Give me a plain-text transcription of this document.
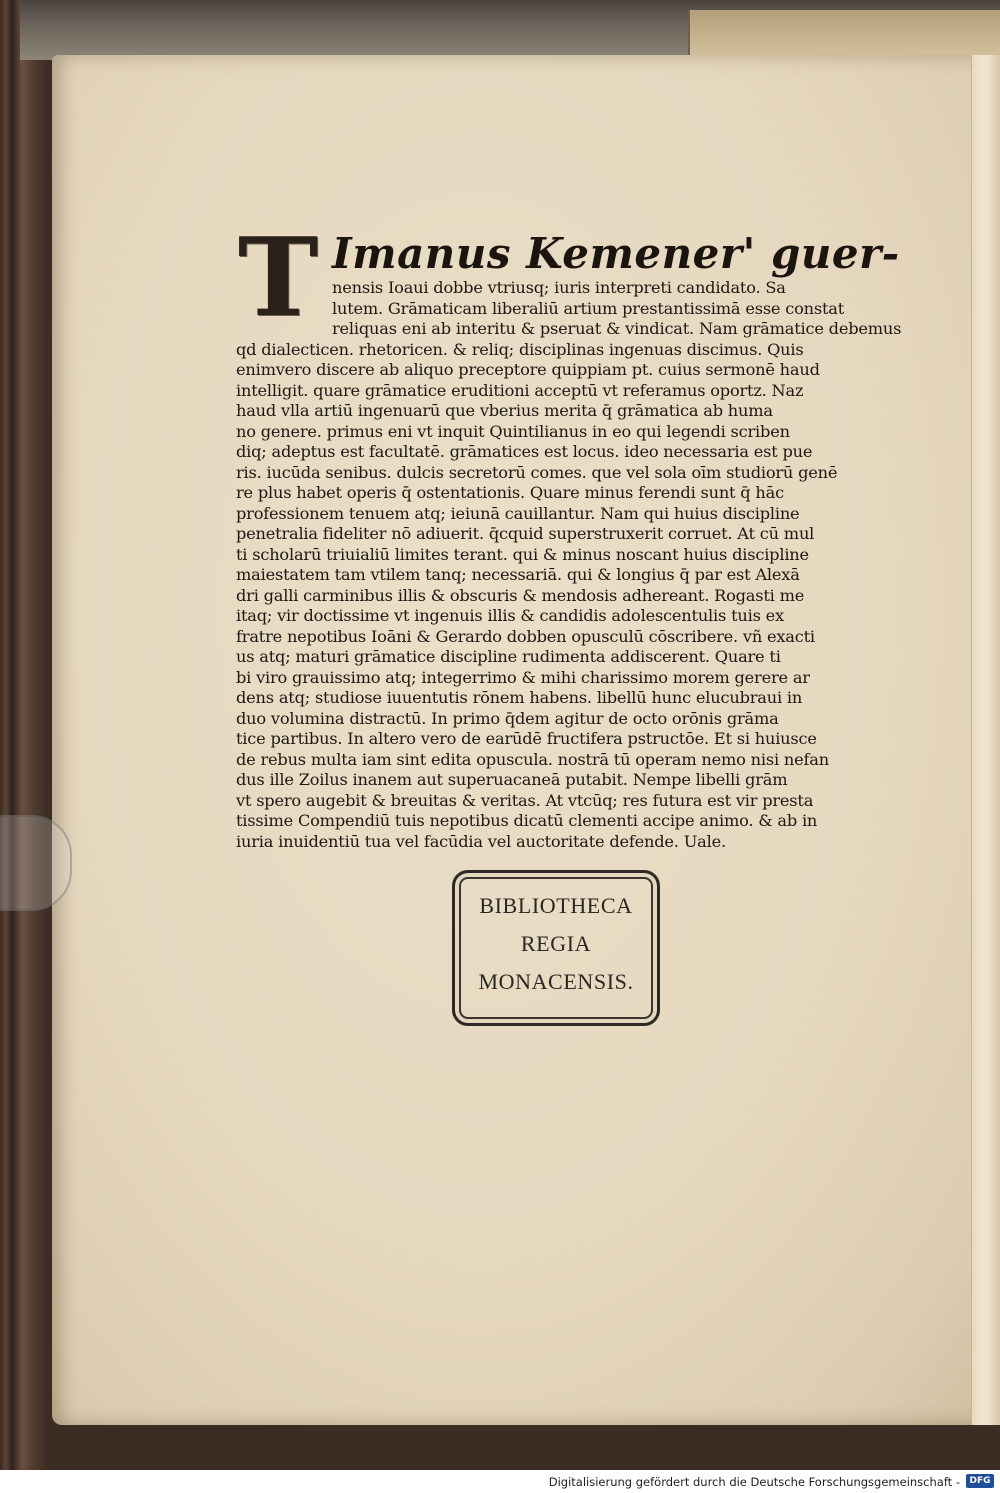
T Imanus Kemener' guer-
nensis Ioaui dobbe vtriusq; iuris interpreti candidato. Sa
lutem. Grāmaticam liberaliū artium prestantissimā esse constat
reliquas eni ab interitu & pseruat & vindicat. Nam grāmatice debemus
qd dialecticen. rhetoricen. & reliq; disciplinas ingenuas discimus. Quis
enimvero discere ab aliquo preceptore quippiam pt. cuius sermonē haud
intelligit. quare grāmatice eruditioni acceptū vt referamus oportz. Naz
haud vlla artiū ingenuarū que vberius merita q̄ grāmatica ab huma
no genere. primus eni vt inquit Quintilianus in eo qui legendi scriben
diq; adeptus est facultatē. grāmatices est locus. ideo necessaria est pue
ris. iucūda senibus. dulcis secretorū comes. que vel sola oīm studiorū genē
re plus habet operis q̄ ostentationis. Quare minus ferendi sunt q̄ hāc
professionem tenuem atq; ieiunā cauillantur. Nam qui huius discipline
penetralia fideliter nō adiuerit. q̄cquid superstruxerit corruet. At cū mul
ti scholarū triuialiū limites terant. qui & minus noscant huius discipline
maiestatem tam vtilem tanq; necessariā. qui & longius q̄ par est Alexā
dri galli carminibus illis & obscuris & mendosis adhereant. Rogasti me
itaq; vir doctissime vt ingenuis illis & candidis adolescentulis tuis ex
fratre nepotibus Ioāni & Gerardo dobben opusculū cōscribere. vñ exacti
us atq; maturi grāmatice discipline rudimenta addiscerent. Quare ti
bi viro grauissimo atq; integerrimo & mihi charissimo morem gerere ar
dens atq; studiose iuuentutis rōnem habens. libellū hunc elucubraui in
duo volumina distractū. In primo q̄dem agitur de octo orōnis grāma
tice partibus. In altero vero de earūdē fructifera pstructōe. Et si huiusce
de rebus multa iam sint edita opuscula. nostrā tū operam nemo nisi nefan
dus ille Zoilus inanem aut superuacaneā putabit. Nempe libelli grām
vt spero augebit & breuitas & veritas. At vtcūq; res futura est vir presta
tissime Compendiū tuis nepotibus dicatū clementi accipe animo. & ab in
iuria inuidentiū tua vel facūdia vel auctoritate defende. Uale.
BIBLIOTHECA
REGIA
MONACENSIS.
Digitalisierung gefördert durch die Deutsche Forschungsgemeinschaft -	DFG
